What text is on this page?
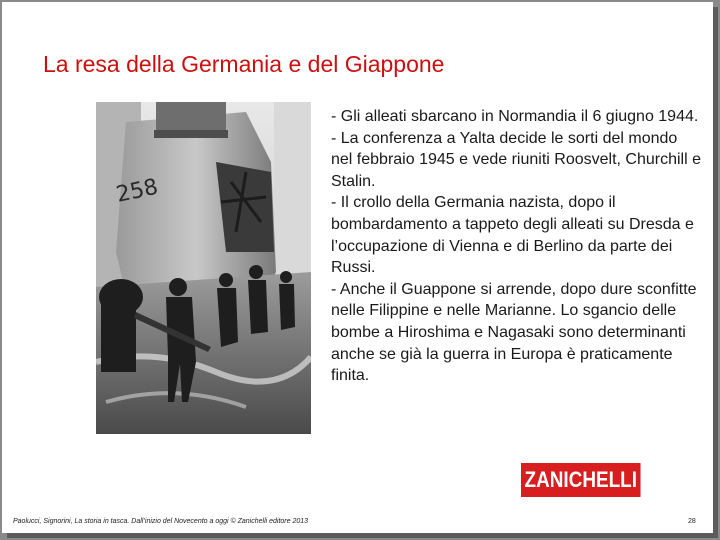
La resa della Germania e del Giappone
258
- Gli alleati sbarcano in Normandia il 6 giugno 1944.
- La conferenza a Yalta decide le sorti del mondo nel febbraio 1945 e vede riuniti Roosvelt, Churchill e Stalin.
- Il crollo della Germania nazista, dopo il bombardamento a tappeto degli alleati su Dresda e l’occupazione di Vienna e di Berlino da parte dei Russi.
- Anche il Guappone si arrende, dopo dure sconfitte nelle Filippine e nelle Marianne. Lo sgancio delle bombe a Hiroshima e Nagasaki sono determinanti anche se già la guerra in Europa è praticamente finita.
ZANICHELLI
Paolucci, Signorini, La storia in tasca. Dall’inizio del Novecento a oggi © Zanichelli editore 2013	28
